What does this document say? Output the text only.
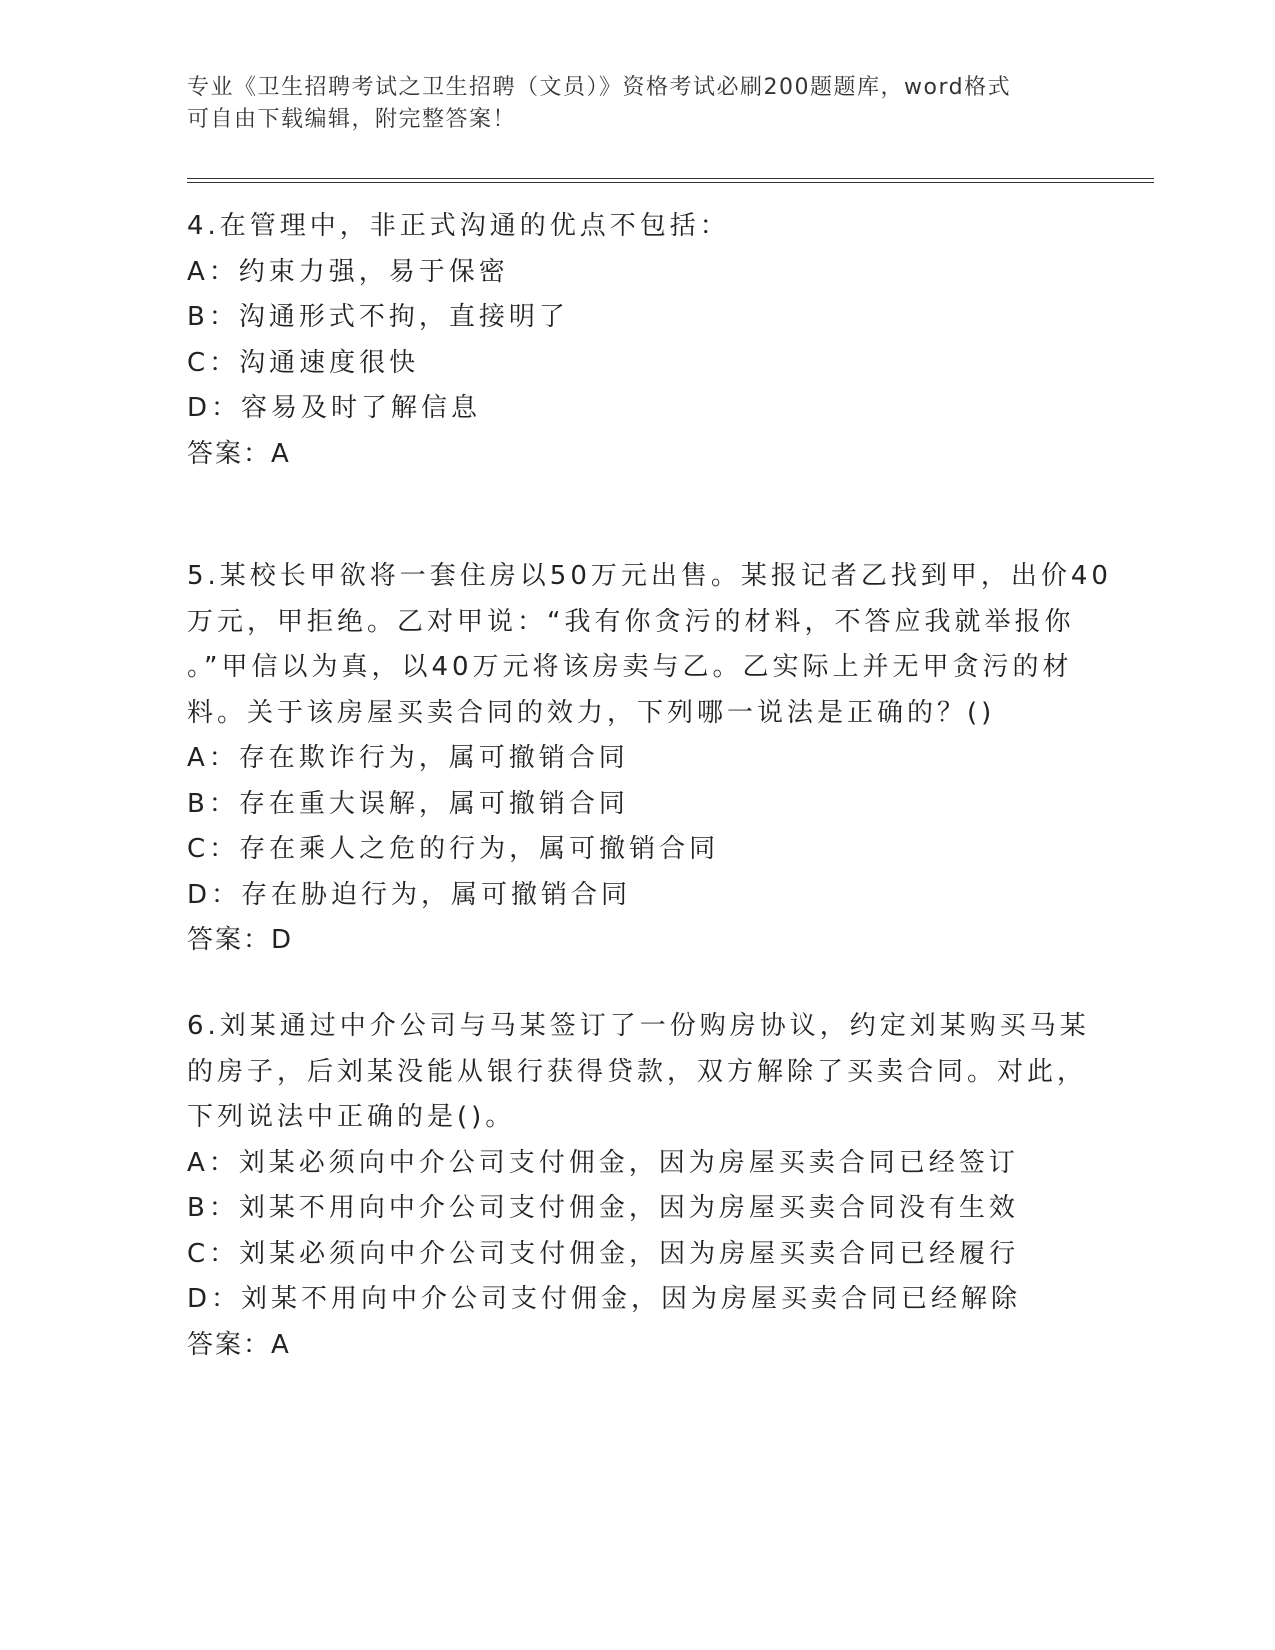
专业《卫生招聘考试之卫生招聘（文员）》资格考试必刷200题题库，word格式
可自由下载编辑，附完整答案！
4.在管理中，非正式沟通的优点不包括：
A：约束力强，易于保密
B：沟通形式不拘，直接明了
C：沟通速度很快
D：容易及时了解信息
答案：A
5.某校长甲欲将一套住房以50万元出售。某报记者乙找到甲，出价40
万元，甲拒绝。乙对甲说：“我有你贪污的材料，不答应我就举报你
。”甲信以为真，以40万元将该房卖与乙。乙实际上并无甲贪污的材
料。关于该房屋买卖合同的效力，下列哪一说法是正确的？()
A：存在欺诈行为，属可撤销合同
B：存在重大误解，属可撤销合同
C：存在乘人之危的行为，属可撤销合同
D：存在胁迫行为，属可撤销合同
答案：D
6.刘某通过中介公司与马某签订了一份购房协议，约定刘某购买马某
的房子，后刘某没能从银行获得贷款，双方解除了买卖合同。对此，
下列说法中正确的是()。
A：刘某必须向中介公司支付佣金，因为房屋买卖合同已经签订
B：刘某不用向中介公司支付佣金，因为房屋买卖合同没有生效
C：刘某必须向中介公司支付佣金，因为房屋买卖合同已经履行
D：刘某不用向中介公司支付佣金，因为房屋买卖合同已经解除
答案：A
